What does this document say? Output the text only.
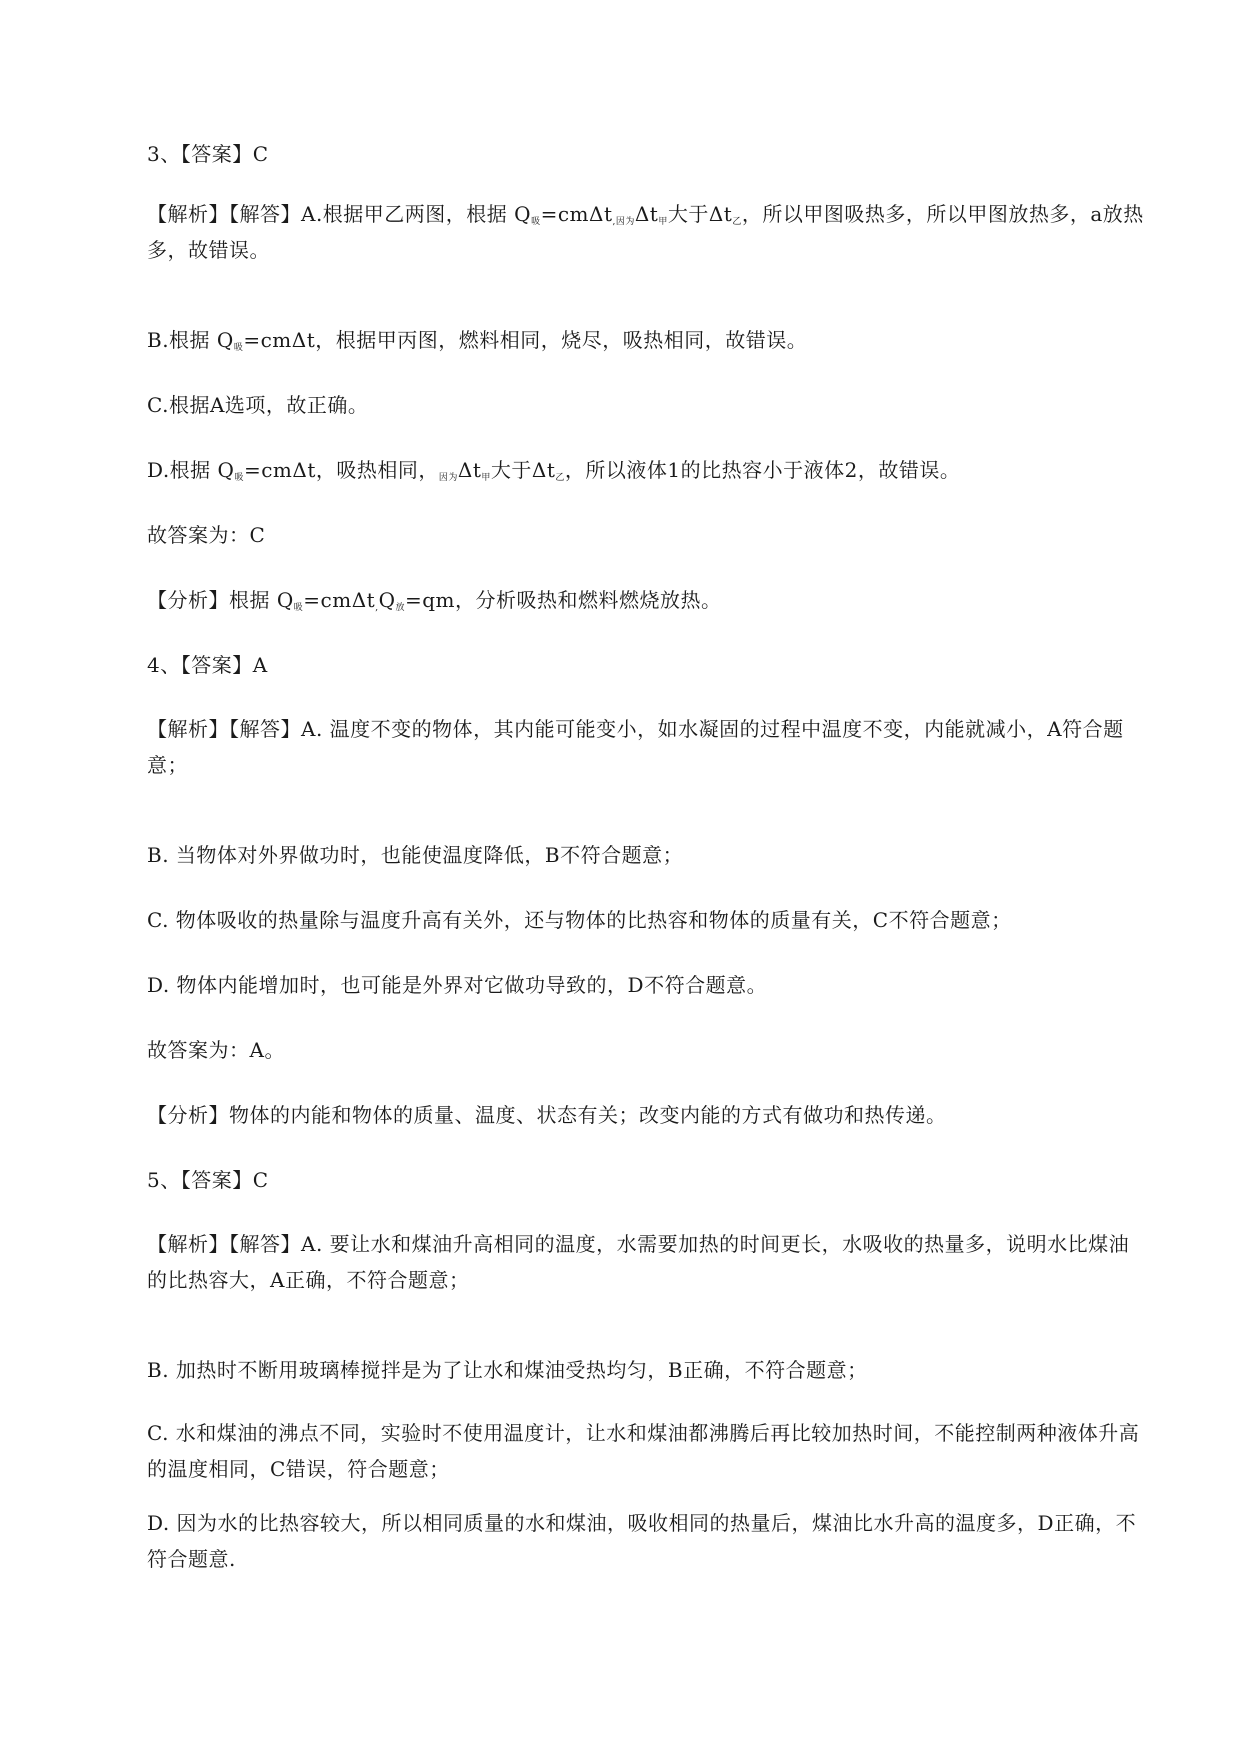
3、【答案】C
【解析】【解答】A.根据甲乙两图，根据 $Q_吸=cm\Delta t_{,因为}\Delta t_甲$大于$\Delta t_乙$，所以甲图吸热多，所以甲图放热多，a放热多，故错误。
B.根据 $Q_吸=cm\Delta t$，根据甲丙图，燃料相同，烧尽，吸热相同，故错误。
C.根据A选项，故正确。
D.根据 $Q_吸=cm\Delta t$，吸热相同，$_{因为}\Delta t_甲$大于$\Delta t_乙$，所以液体1的比热容小于液体2，故错误。
故答案为：C
【分析】根据 $Q_吸=cm\Delta t_,Q_放=qm$，分析吸热和燃料燃烧放热。
4、【答案】A
【解析】【解答】A. 温度不变的物体，其内能可能变小，如水凝固的过程中温度不变，内能就减小，A符合题意；
B. 当物体对外界做功时，也能使温度降低，B不符合题意；
C. 物体吸收的热量除与温度升高有关外，还与物体的比热容和物体的质量有关，C不符合题意；
D. 物体内能增加时，也可能是外界对它做功导致的，D不符合题意。
故答案为：A。
【分析】物体的内能和物体的质量、温度、状态有关；改变内能的方式有做功和热传递。
5、【答案】C
【解析】【解答】A. 要让水和煤油升高相同的温度，水需要加热的时间更长，水吸收的热量多，说明水比煤油的比热容大，A正确，不符合题意；
B. 加热时不断用玻璃棒搅拌是为了让水和煤油受热均匀，B正确，不符合题意；
C. 水和煤油的沸点不同，实验时不使用温度计，让水和煤油都沸腾后再比较加热时间，不能控制两种液体升高的温度相同，C错误，符合题意；
D. 因为水的比热容较大，所以相同质量的水和煤油，吸收相同的热量后，煤油比水升高的温度多，D正确，不符合题意.
